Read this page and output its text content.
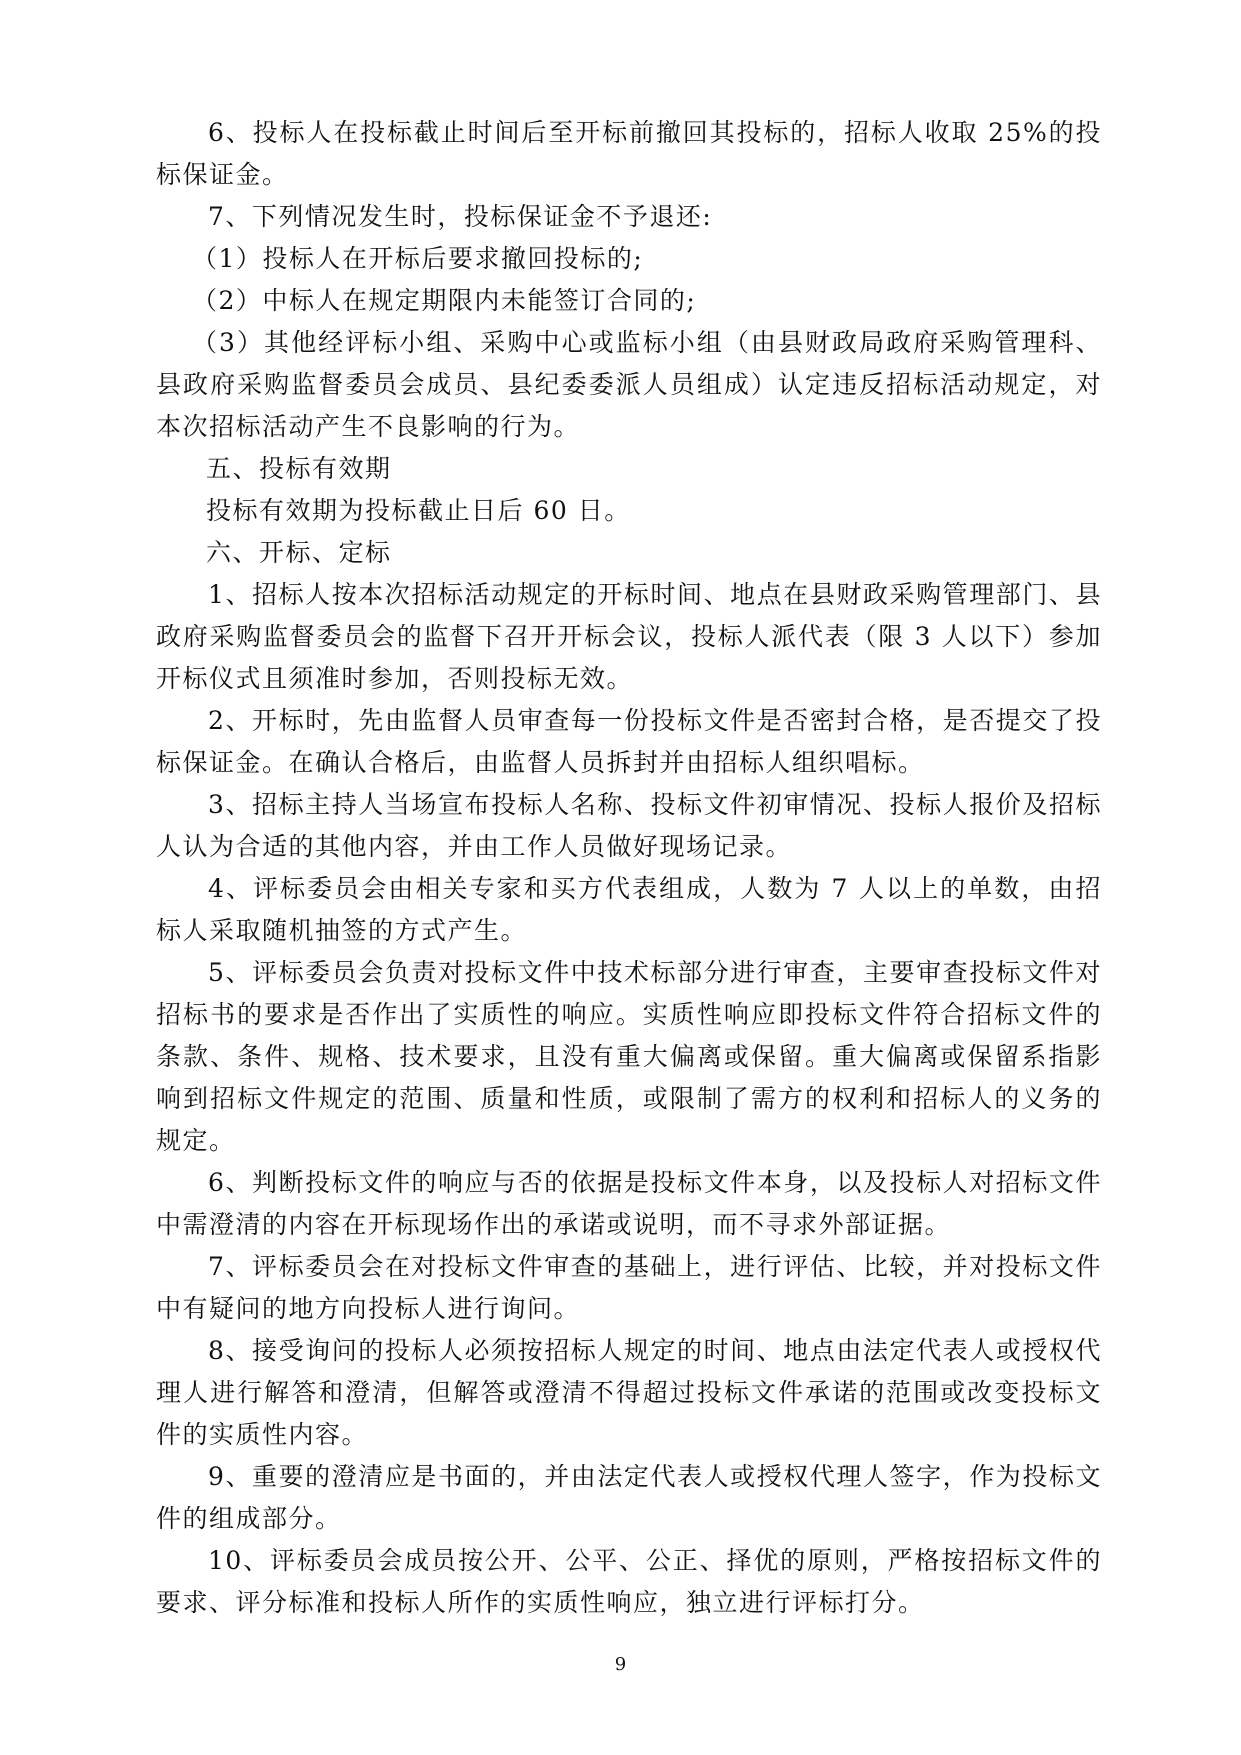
6、投标人在投标截止时间后至开标前撤回其投标的，招标人收取 25%的投标保证金。

7、下列情况发生时，投标保证金不予退还:

（1）投标人在开标后要求撤回投标的;

（2）中标人在规定期限内未能签订合同的;

（3）其他经评标小组、采购中心或监标小组（由县财政局政府采购管理科、县政府采购监督委员会成员、县纪委委派人员组成）认定违反招标活动规定，对本次招标活动产生不良影响的行为。

五、投标有效期

投标有效期为投标截止日后 60 日。

六、开标、定标

1、招标人按本次招标活动规定的开标时间、地点在县财政采购管理部门、县政府采购监督委员会的监督下召开开标会议，投标人派代表（限 3 人以下）参加开标仪式且须准时参加，否则投标无效。

2、开标时，先由监督人员审查每一份投标文件是否密封合格，是否提交了投标保证金。在确认合格后，由监督人员拆封并由招标人组织唱标。

3、招标主持人当场宣布投标人名称、投标文件初审情况、投标人报价及招标人认为合适的其他内容，并由工作人员做好现场记录。

4、评标委员会由相关专家和买方代表组成，人数为 7 人以上的单数，由招标人采取随机抽签的方式产生。

5、评标委员会负责对投标文件中技术标部分进行审查，主要审查投标文件对招标书的要求是否作出了实质性的响应。实质性响应即投标文件符合招标文件的条款、条件、规格、技术要求，且没有重大偏离或保留。重大偏离或保留系指影响到招标文件规定的范围、质量和性质，或限制了需方的权利和招标人的义务的规定。

6、判断投标文件的响应与否的依据是投标文件本身，以及投标人对招标文件中需澄清的内容在开标现场作出的承诺或说明，而不寻求外部证据。

7、评标委员会在对投标文件审查的基础上，进行评估、比较，并对投标文件中有疑问的地方向投标人进行询问。

8、接受询问的投标人必须按招标人规定的时间、地点由法定代表人或授权代理人进行解答和澄清，但解答或澄清不得超过投标文件承诺的范围或改变投标文件的实质性内容。

9、重要的澄清应是书面的，并由法定代表人或授权代理人签字，作为投标文件的组成部分。

10、评标委员会成员按公开、公平、公正、择优的原则，严格按招标文件的要求、评分标准和投标人所作的实质性响应，独立进行评标打分。

9
